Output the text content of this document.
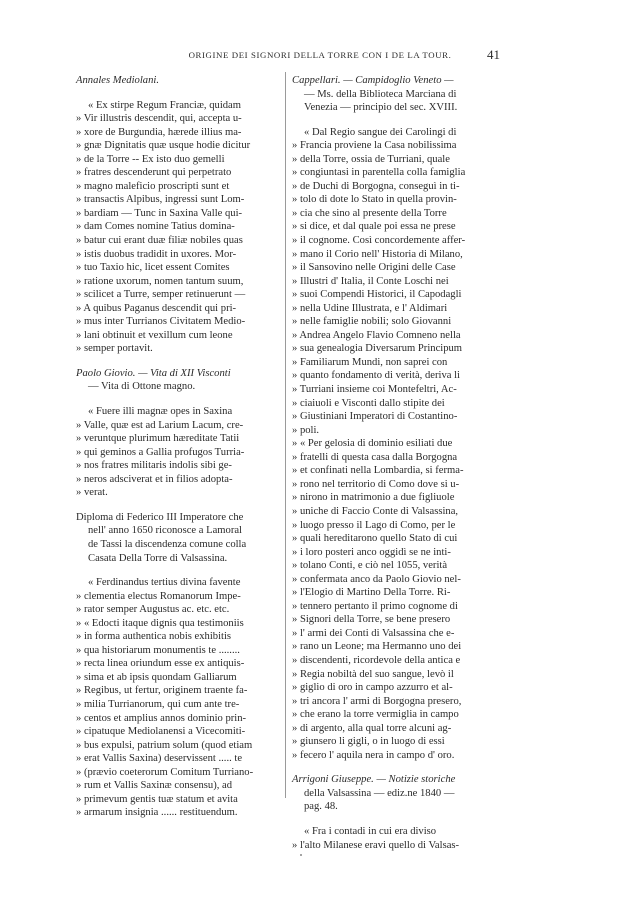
ORIGINE DEI SIGNORI DELLA TORRE CON I DE LA TOUR.	41
Annales Mediolani.
« Ex stirpe Regum Franciæ, quidam
» Vir illustris descendit, qui, accepta u-
» xore de Burgundia, hærede illius ma-
» gnæ Dignitatis quæ usque hodie dicitur
» de la Torre -- Ex isto duo gemelli
» fratres descenderunt qui perpetrato
» magno maleficio proscripti sunt et
» transactis Alpibus, ingressi sunt Lom-
» bardiam — Tunc in Saxina Valle qui-
» dam Comes nomine Tatius domina-
» batur cui erant duæ filiæ nobiles quas
» istis duobus tradidit in uxores. Mor-
» tuo Taxio hic, licet essent Comites
» ratione uxorum, nomen tantum suum,
» scilicet a Turre, semper retinuerunt —
» A quibus Paganus descendit qui pri-
» mus inter Turrianos Civitatem Medio-
» lani obtinuit et vexillum cum leone
» semper portavit.
Paolo Giovio. — Vita di XII Visconti
— Vita di Ottone magno.
« Fuere illi magnæ opes in Saxina
» Valle, quæ est ad Larium Lacum, cre-
» veruntque plurimum hæreditate Tatii
» qui geminos a Gallia profugos Turria-
» nos fratres militaris indolis sibi ge-
» neros adsciverat et in filios adopta-
» verat.
Diploma di Federico III Imperatore che
nell' anno 1650 riconosce a Lamoral
de Tassi la discendenza comune colla
Casata Della Torre di Valsassina.
« Ferdinandus tertius divina favente
» clementia electus Romanorum Impe-
» rator semper Augustus ac. etc. etc.
» « Edocti itaque dignis qua testimoniis
» in forma authentica nobis exhibitis
» qua historiarum monumentis te ........
» recta linea oriundum esse ex antiquis-
» sima et ab ipsis quondam Galliarum
» Regibus, ut fertur, originem traente fa-
» milia Turrianorum, qui cum ante tre-
» centos et amplius annos dominio prin-
» cipatuque Mediolanensi a Vicecomiti-
» bus expulsi, patrium solum (quod etiam
» erat Vallis Saxina) deservissent ..... te
» (prævio coeterorum Comitum Turriano-
» rum et Vallis Saxinæ consensu), ad
» primevum gentis tuæ statum et avita
» armarum insignia ...... restituendum.
Cappellari. — Campidoglio Veneto —
— Ms. della Biblioteca Marciana di
Venezia — principio del sec. XVIII.
« Dal Regio sangue dei Carolingi di
» Francia proviene la Casa nobilissima
» della Torre, ossia de Turriani, quale
» congiuntasi in parentella colla famiglia
» de Duchi di Borgogna, conseguì in ti-
» tolo di dote lo Stato in quella provin-
» cia che sino al presente della Torre
» si dice, et dal quale poi essa ne prese
» il cognome. Così concordemente affer-
» mano il Corio nell' Historia di Milano,
» il Sansovino nelle Origini delle Case
» Illustri d' Italia, il Conte Loschi nei
» suoi Compendi Historici, il Capodagli
» nella Udine Illustrata, e l' Aldimari
» nelle famiglie nobili; solo Giovanni
» Andrea Angelo Flavio Comneno nella
» sua genealogia Diversarum Principum
» Familiarum Mundi, non saprei con
» quanto fondamento di verità, deriva li
» Turriani insieme coi Montefeltri, Ac-
» ciaiuoli e Visconti dallo stipite dei
» Giustiniani Imperatori di Costantino-
» poli.
» « Per gelosia di dominio esiliati due
» fratelli di questa casa dalla Borgogna
» et confinati nella Lombardia, si ferma-
» rono nel territorio di Como dove si u-
» nirono in matrimonio a due figliuole
» uniche di Faccio Conte di Valsassina,
» luogo presso il Lago di Como, per le
» quali hereditarono quello Stato di cui
» i loro posteri anco oggidì se ne inti-
» tolano Conti, e ciò nel 1055, verità
» confermata anco da Paolo Giovio nel-
» l'Elogio di Martino Della Torre. Ri-
» tennero pertanto il primo cognome di
» Signori della Torre, se bene presero
» l' armi dei Conti di Valsassina che e-
» rano un Leone; ma Hermanno uno dei
» discendenti, ricordevole della antica e
» Regia nobiltà del suo sangue, levò il
» giglio di oro in campo azzurro et al-
» tri ancora l' armi di Borgogna presero,
» che erano la torre vermiglia in campo
» di argento, alla qual torre alcuni ag-
» giunsero li gigli, o in luogo di essi
» fecero l' aquila nera in campo d' oro.
Arrigoni Giuseppe. — Notizie storiche
della Valsassina — ediz.ne 1840 —
pag. 48.
« Fra i contadi in cui era diviso
» l'alto Milanese eravi quello di Valsas-
